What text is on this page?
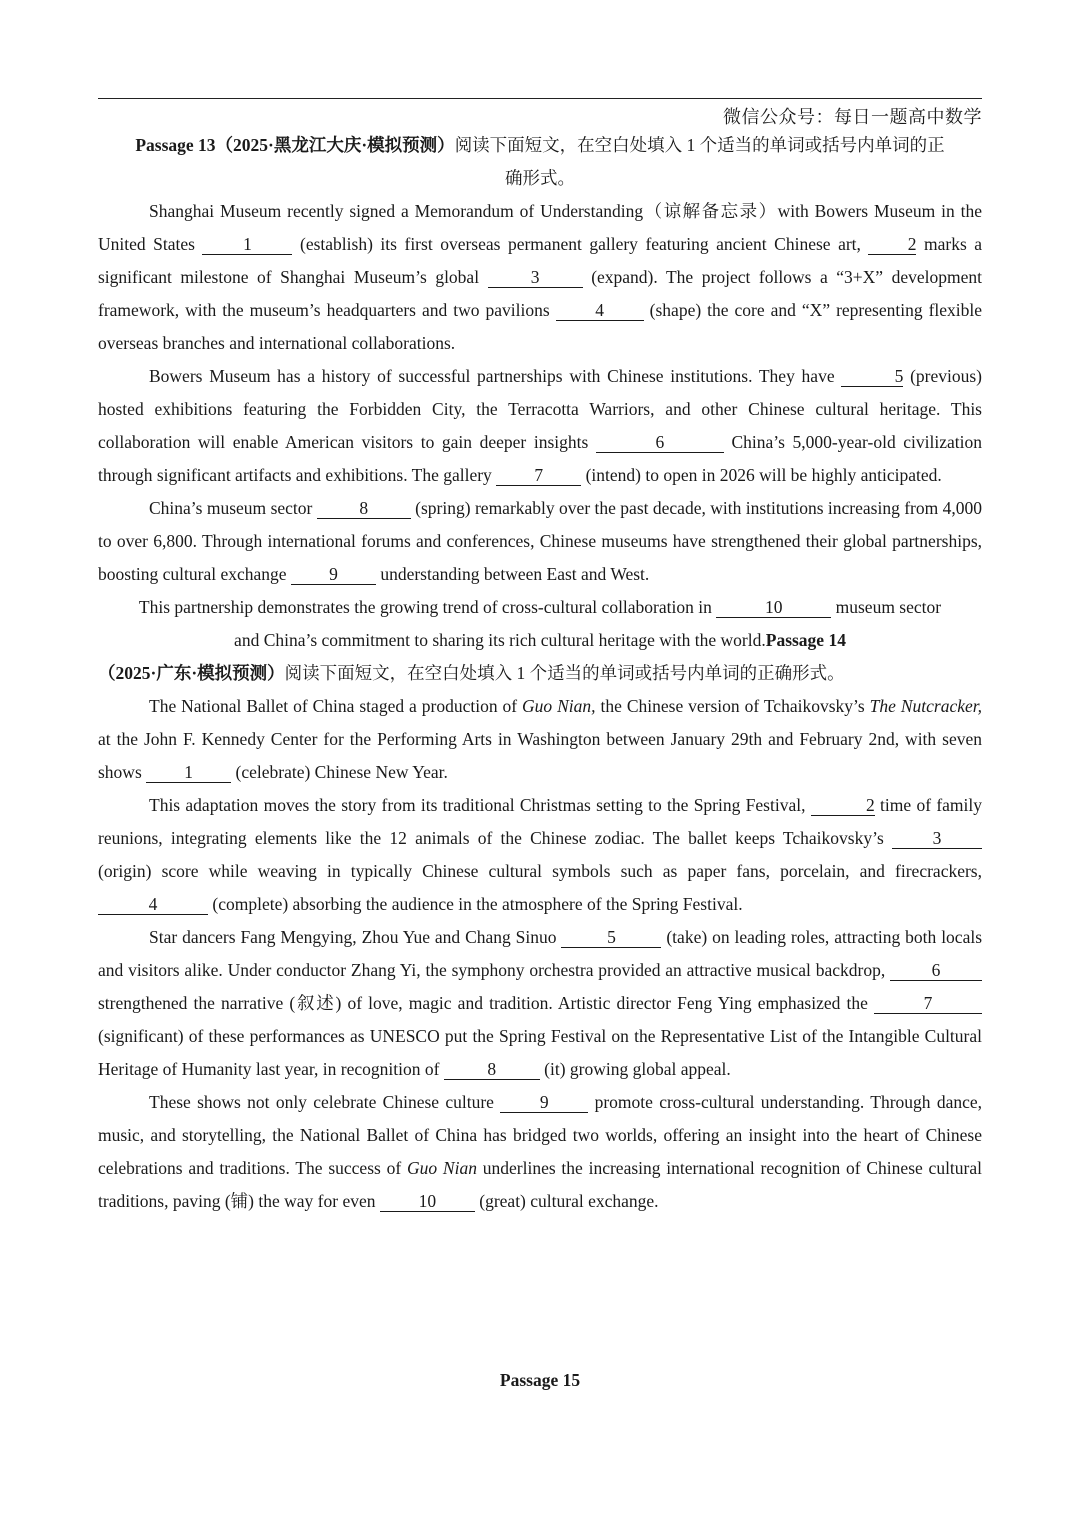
微信公众号：每日一题高中数学

Passage 13（2025·黑龙江大庆·模拟预测）阅读下面短文，在空白处填入 1 个适当的单词或括号内单词的正

确形式。

Shanghai Museum recently signed a Memorandum of Understanding（谅解备忘录）with Bowers Museum in the United States	1	(establish) its first overseas permanent gallery featuring ancient Chinese art,	2 marks a significant milestone of Shanghai Museum’s global	3	(expand). The project follows a “3+X” development framework, with the museum’s headquarters and two pavilions	4	(shape) the core and “X” representing flexible overseas branches and international collaborations.

Bowers Museum has a history of successful partnerships with Chinese institutions. They have	5 (previous) hosted exhibitions featuring the Forbidden City, the Terracotta Warriors, and other Chinese cultural heritage. This collaboration will enable American visitors to gain deeper insights	6	China’s 5,000-year-old civilization through significant artifacts and exhibitions. The gallery 7 (intend) to open in 2026 will be highly anticipated.

China’s museum sector	8	(spring) remarkably over the past decade, with institutions increasing from 4,000 to over 6,800. Through international forums and conferences, Chinese museums have strengthened their global partnerships, boosting cultural exchange 9 understanding between East and West.

This partnership demonstrates the growing trend of cross-cultural collaboration in	10	museum sector

and China’s commitment to sharing its rich cultural heritage with the world.Passage 14

（2025·广东·模拟预测）阅读下面短文，在空白处填入 1 个适当的单词或括号内单词的正确形式。

The National Ballet of China staged a production of Guo Nian, the Chinese version of Tchaikovsky’s The Nutcracker, at the John F. Kennedy Center for the Performing Arts in Washington between January 29th and February 2nd, with seven shows 1 (celebrate) Chinese New Year.

This adaptation moves the story from its traditional Christmas setting to the Spring Festival,	2 time of family reunions, integrating elements like the 12 animals of the Chinese zodiac. The ballet keeps Tchaikovsky’s	3 (origin) score while weaving in typically Chinese cultural symbols such as paper fans, porcelain, and firecrackers, 4	(complete) absorbing the audience in the atmosphere of the Spring Festival.

Star dancers Fang Mengying, Zhou Yue and Chang Sinuo	5	(take) on leading roles, attracting both locals and visitors alike. Under conductor Zhang Yi, the symphony orchestra provided an attractive musical backdrop,	6 strengthened the narrative (叙述) of love, magic and tradition. Artistic director Feng Ying emphasized the	7 (significant) of these performances as UNESCO put the Spring Festival on the Representative List of the Intangible Cultural Heritage of Humanity last year, in recognition of	8	(it) growing global appeal.

These shows not only celebrate Chinese culture	9	promote cross-cultural understanding. Through dance, music, and storytelling, the National Ballet of China has bridged two worlds, offering an insight into the heart of Chinese celebrations and traditions. The success of Guo Nian underlines the increasing international recognition of Chinese cultural traditions, paving (铺) the way for even 10 (great) cultural exchange.

Passage 15
